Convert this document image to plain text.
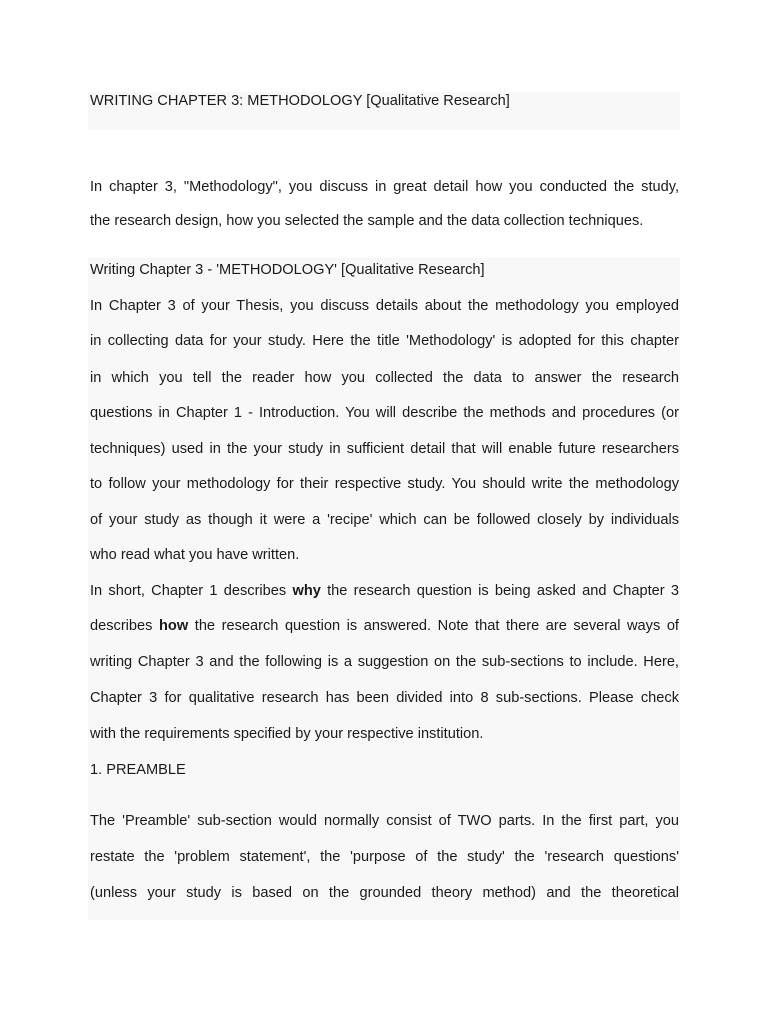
WRITING CHAPTER 3: METHODOLOGY [Qualitative Research]
In chapter 3, "Methodology", you discuss in great detail how you conducted the study,
the research design, how you selected the sample and the data collection techniques.
Writing Chapter 3 - 'METHODOLOGY' [Qualitative Research]
In Chapter 3 of your Thesis, you discuss details about the methodology you employed
in collecting data for your study. Here the title 'Methodology' is adopted for this chapter
in which you tell the reader how you collected the data to answer the research
questions in Chapter 1 - Introduction. You will describe the methods and procedures (or
techniques) used in the your study in sufficient detail that will enable future researchers
to follow your methodology for their respective study. You should write the methodology
of your study as though it were a 'recipe' which can be followed closely by individuals
who read what you have written.
In short, Chapter 1 describes why the research question is being asked and Chapter 3
describes how the research question is answered. Note that there are several ways of
writing Chapter 3 and the following is a suggestion on the sub-sections to include. Here,
Chapter 3 for qualitative research has been divided into 8 sub-sections. Please check
with the requirements specified by your respective institution.
1. PREAMBLE
The 'Preamble' sub-section would normally consist of TWO parts. In the first part, you
restate the 'problem statement', the 'purpose of the study' the 'research questions'
(unless your study is based on the grounded theory method) and the theoretical
